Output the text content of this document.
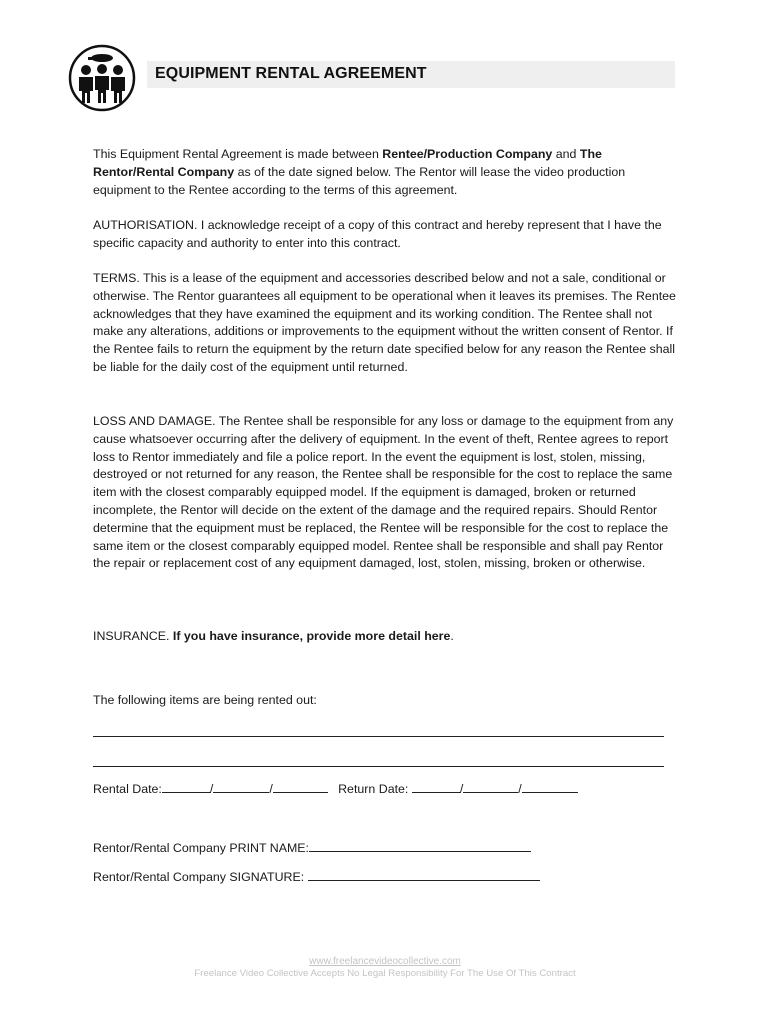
EQUIPMENT RENTAL AGREEMENT

This Equipment Rental Agreement is made between Rentee/Production Company and The Rentor/Rental Company as of the date signed below. The Rentor will lease the video production equipment to the Rentee according to the terms of this agreement.

AUTHORISATION. I acknowledge receipt of a copy of this contract and hereby represent that I have the specific capacity and authority to enter into this contract.

TERMS. This is a lease of the equipment and accessories described below and not a sale, conditional or otherwise. The Rentor guarantees all equipment to be operational when it leaves its premises. The Rentee acknowledges that they have examined the equipment and its working condition. The Rentee shall not make any alterations, additions or improvements to the equipment without the written consent of Rentor. If the Rentee fails to return the equipment by the return date specified below for any reason the Rentee shall be liable for the daily cost of the equipment until returned.

LOSS AND DAMAGE. The Rentee shall be responsible for any loss or damage to the equipment from any cause whatsoever occurring after the delivery of equipment. In the event of theft, Rentee agrees to report loss to Rentor immediately and file a police report. In the event the equipment is lost, stolen, missing, destroyed or not returned for any reason, the Rentee shall be responsible for the cost to replace the same item with the closest comparably equipped model. If the equipment is damaged, broken or returned incomplete, the Rentor will decide on the extent of the damage and the required repairs. Should Rentor determine that the equipment must be replaced, the Rentee will be responsible for the cost to replace the same item or the closest comparably equipped model. Rentee shall be responsible and shall pay Rentor the repair or replacement cost of any equipment damaged, lost, stolen, missing, broken or otherwise.

INSURANCE. If you have insurance, provide more detail here.

The following items are being rented out:
Rental Date:	/	/	Return Date:	/	/
Rentor/Rental Company PRINT NAME:
Rentor/Rental Company SIGNATURE:
www.freelancevideocollective.com
Freelance Video Collective Accepts No Legal Responsibility For The Use Of This Contract
